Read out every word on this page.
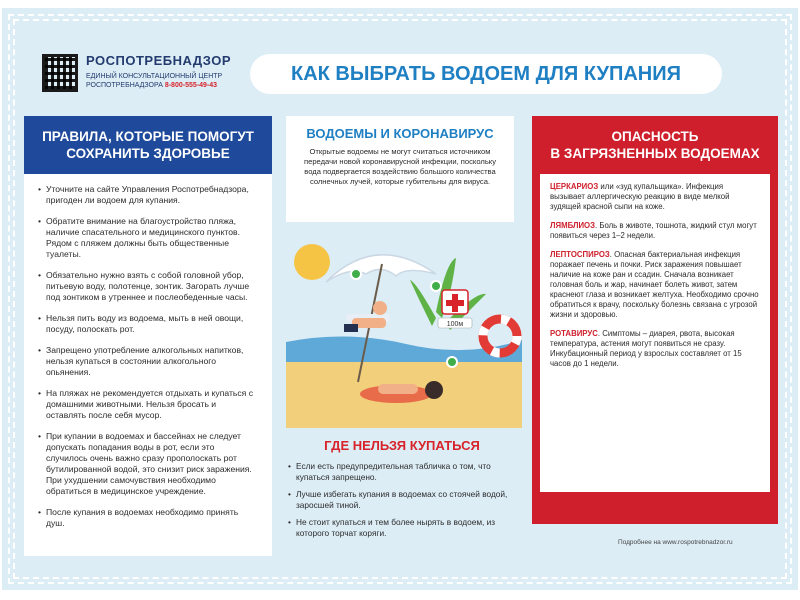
РОСПОТРЕБНАДЗОР
ЕДИНЫЙ КОНСУЛЬТАЦИОННЫЙ ЦЕНТР
РОСПОТРЕБНАДЗОРА 8-800-555-49-43
КАК ВЫБРАТЬ ВОДОЕМ ДЛЯ КУПАНИЯ
ПРАВИЛА, КОТОРЫЕ ПОМОГУТ СОХРАНИТЬ ЗДОРОВЬЕ
• Уточните на сайте Управления Роспотребнадзора, пригоден ли водоем для купания.
• Обратите внимание на благоустройство пляжа, наличие спасательного и медицинского пунктов. Рядом с пляжем должны быть общественные туалеты.
• Обязательно нужно взять с собой головной убор, питьевую воду, полотенце, зонтик. Загорать лучше под зонтиком в утреннее и послеобеденные часы.
• Нельзя пить воду из водоема, мыть в ней овощи, посуду, полоскать рот.
• Запрещено употребление алкогольных напитков, нельзя купаться в состоянии алкогольного опьянения.
• На пляжах не рекомендуется отдыхать и купаться с домашними животными. Нельзя бросать и оставлять после себя мусор.
• При купании в водоемах и бассейнах не следует допускать попадания воды в рот, если это случилось очень важно сразу прополоскать рот бутилированной водой, это снизит риск заражения. При ухудшении самочувствия необходимо обратиться в медицинское учреждение.
• После купания в водоемах необходимо принять душ.
ВОДОЕМЫ И КОРОНАВИРУС
Открытые водоемы не могут считаться источником передачи новой коронавирусной инфекции, поскольку вода подвергается воздействию большого количества солнечных лучей, которые губительны для вируса.
100м
ГДЕ НЕЛЬЗЯ КУПАТЬСЯ
• Если есть предупредительная табличка о том, что купаться запрещено.
• Лучше избегать купания в водоемах со стоячей водой, заросшей тиной.
• Не стоит купаться и тем более нырять в водоем, из которого торчат коряги.
ОПАСНОСТЬ
В ЗАГРЯЗНЕННЫХ ВОДОЕМАХ

ЦЕРКАРИОЗ или «зуд купальщика». Инфекция вызывает аллергическую реакцию в виде мелкой зудящей красной сыпи на коже.

ЛЯМБЛИОЗ. Боль в животе, тошнота, жидкий стул могут появиться через 1–2 недели.

ЛЕПТОСПИРОЗ. Опасная бактериальная инфекция поражает печень и почки. Риск заражения повышает наличие на коже ран и ссадин. Сначала возникает головная боль и жар, начинает болеть живот, затем краснеют глаза и возникает желтуха. Необходимо срочно обратиться к врачу, поскольку болезнь связана с угрозой жизни и здоровью.

РОТАВИРУС. Симптомы – диарея, рвота, высокая температура, астения могут появиться не сразу. Инкубационный период у взрослых составляет от 15 часов до 1 недели.

Кроме этих инфекций в воде можно заразиться гепатитами А и Е, холерой, дизентерией, сальмонеллёзом, эшерихиозом, и даже брюшным тифом. Специалисты Роспотребнадзора рекомендуют не рисковать и купаться только там, где это делать разрешено и безопасно.
Подробнее на www.rospotrebnadzor.ru
